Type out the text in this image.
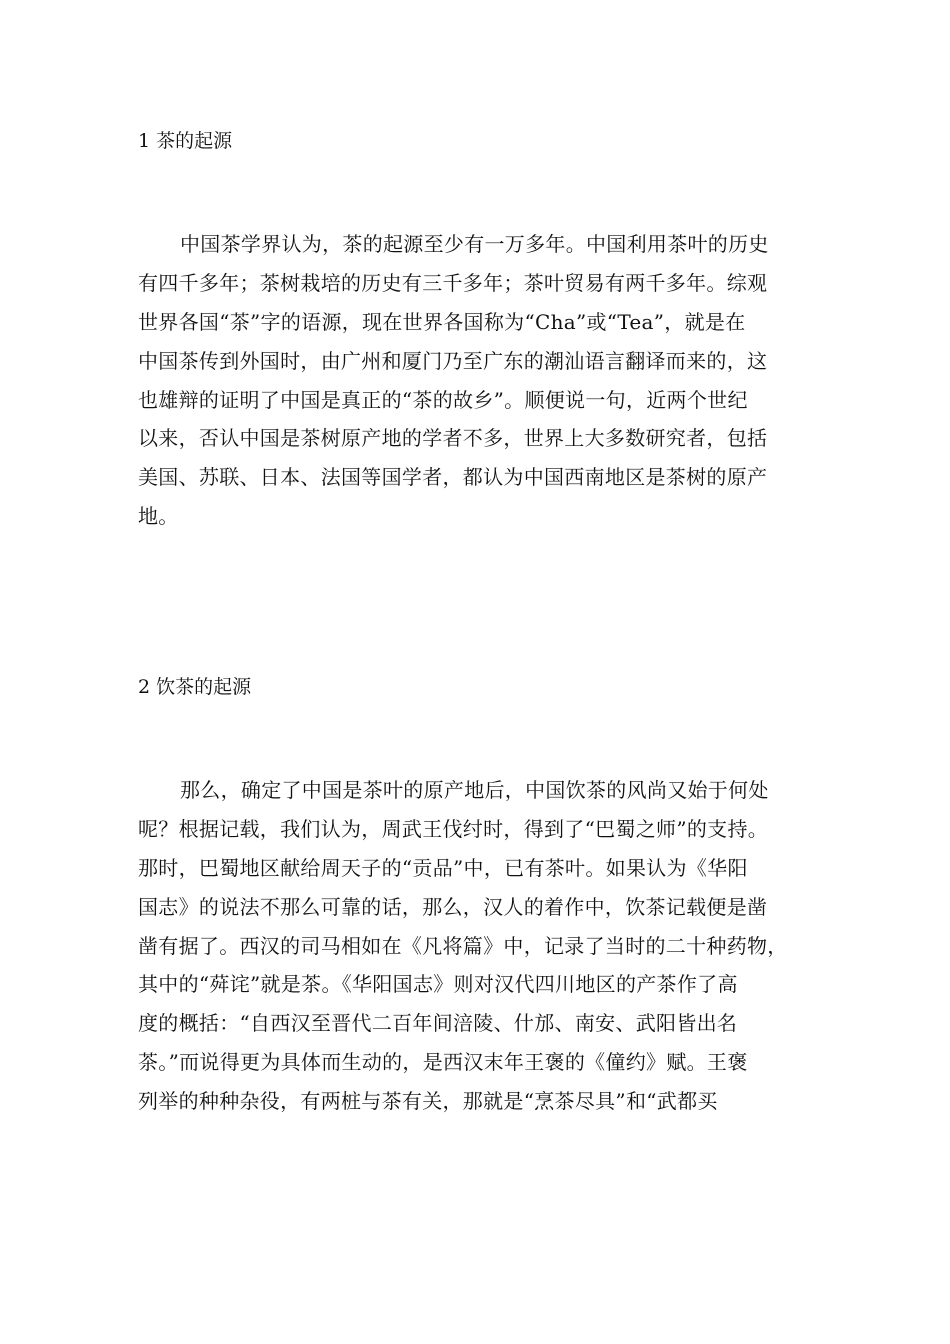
1 茶的起源
中国茶学界认为，茶的起源至少有一万多年。中国利用茶叶的历史
有四千多年；茶树栽培的历史有三千多年；茶叶贸易有两千多年。综观
世界各国“茶”字的语源，现在世界各国称为“Cha”或“Tea”，就是在
中国茶传到外国时，由广州和厦门乃至广东的潮汕语言翻译而来的，这
也雄辩的证明了中国是真正的“茶的故乡”。顺便说一句，近两个世纪
以来，否认中国是茶树原产地的学者不多，世界上大多数研究者，包括
美国、苏联、日本、法国等国学者，都认为中国西南地区是茶树的原产
地。
2 饮茶的起源
那么，确定了中国是茶叶的原产地后，中国饮茶的风尚又始于何处
呢？根据记载，我们认为，周武王伐纣时，得到了“巴蜀之师”的支持。
那时，巴蜀地区献给周天子的“贡品”中，已有茶叶。如果认为《华阳
国志》的说法不那么可靠的话，那么，汉人的着作中，饮茶记载便是凿
凿有据了。西汉的司马相如在《凡将篇》中，记录了当时的二十种药物，
其中的“荈诧”就是茶。《华阳国志》则对汉代四川地区的产茶作了高
度的概括：“自西汉至晋代二百年间涪陵、什邡、南安、武阳皆出名
茶。”而说得更为具体而生动的，是西汉末年王褒的《僮约》赋。王褒
列举的种种杂役，有两桩与茶有关，那就是“烹茶尽具”和“武都买
